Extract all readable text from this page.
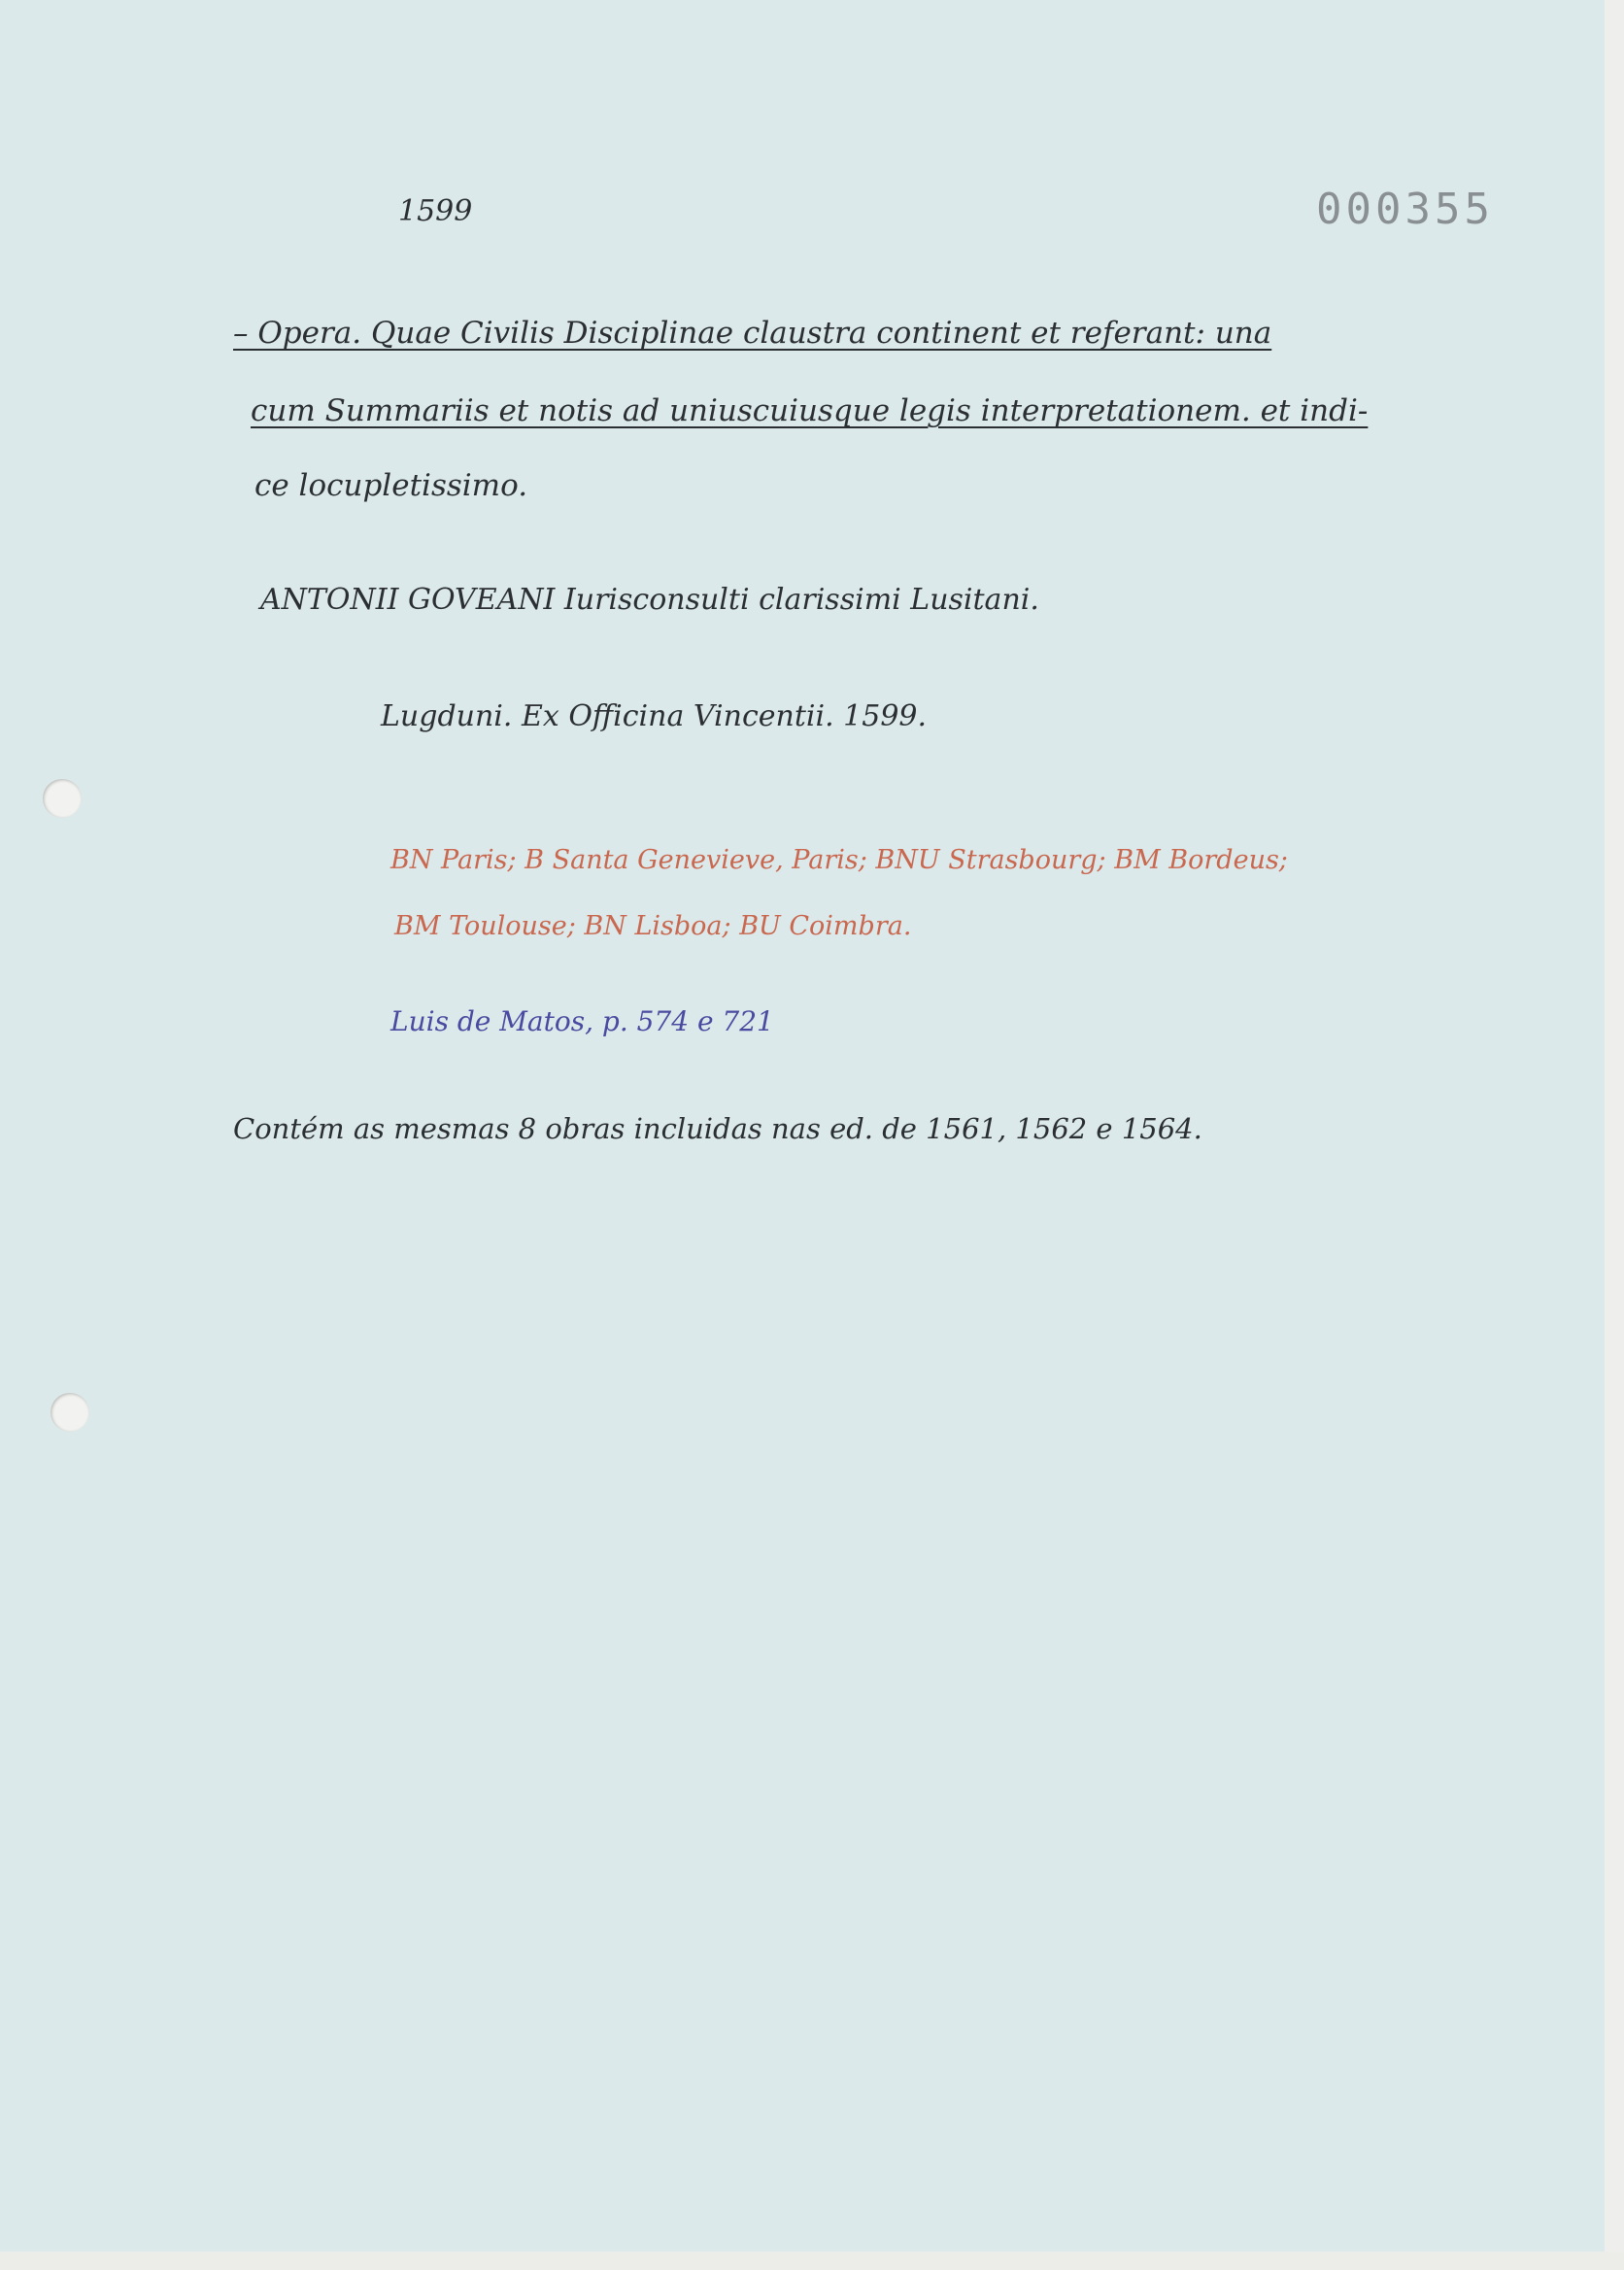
1599	000355
– Opera. Quae Civilis Disciplinae claustra continent et referant: una
cum Summariis et notis ad uniuscuiusque legis interpretationem. et indi-
ce locupletissimo.
ANTONII GOVEANI Iurisconsulti clarissimi Lusitani.
Lugduni. Ex Officina Vincentii. 1599.
BN Paris; B Santa Genevieve, Paris; BNU Strasbourg; BM Bordeus;
BM Toulouse; BN Lisboa; BU Coimbra.
Luis de Matos, p. 574 e 721
Contém as mesmas 8 obras incluidas nas ed. de 1561, 1562 e 1564.
